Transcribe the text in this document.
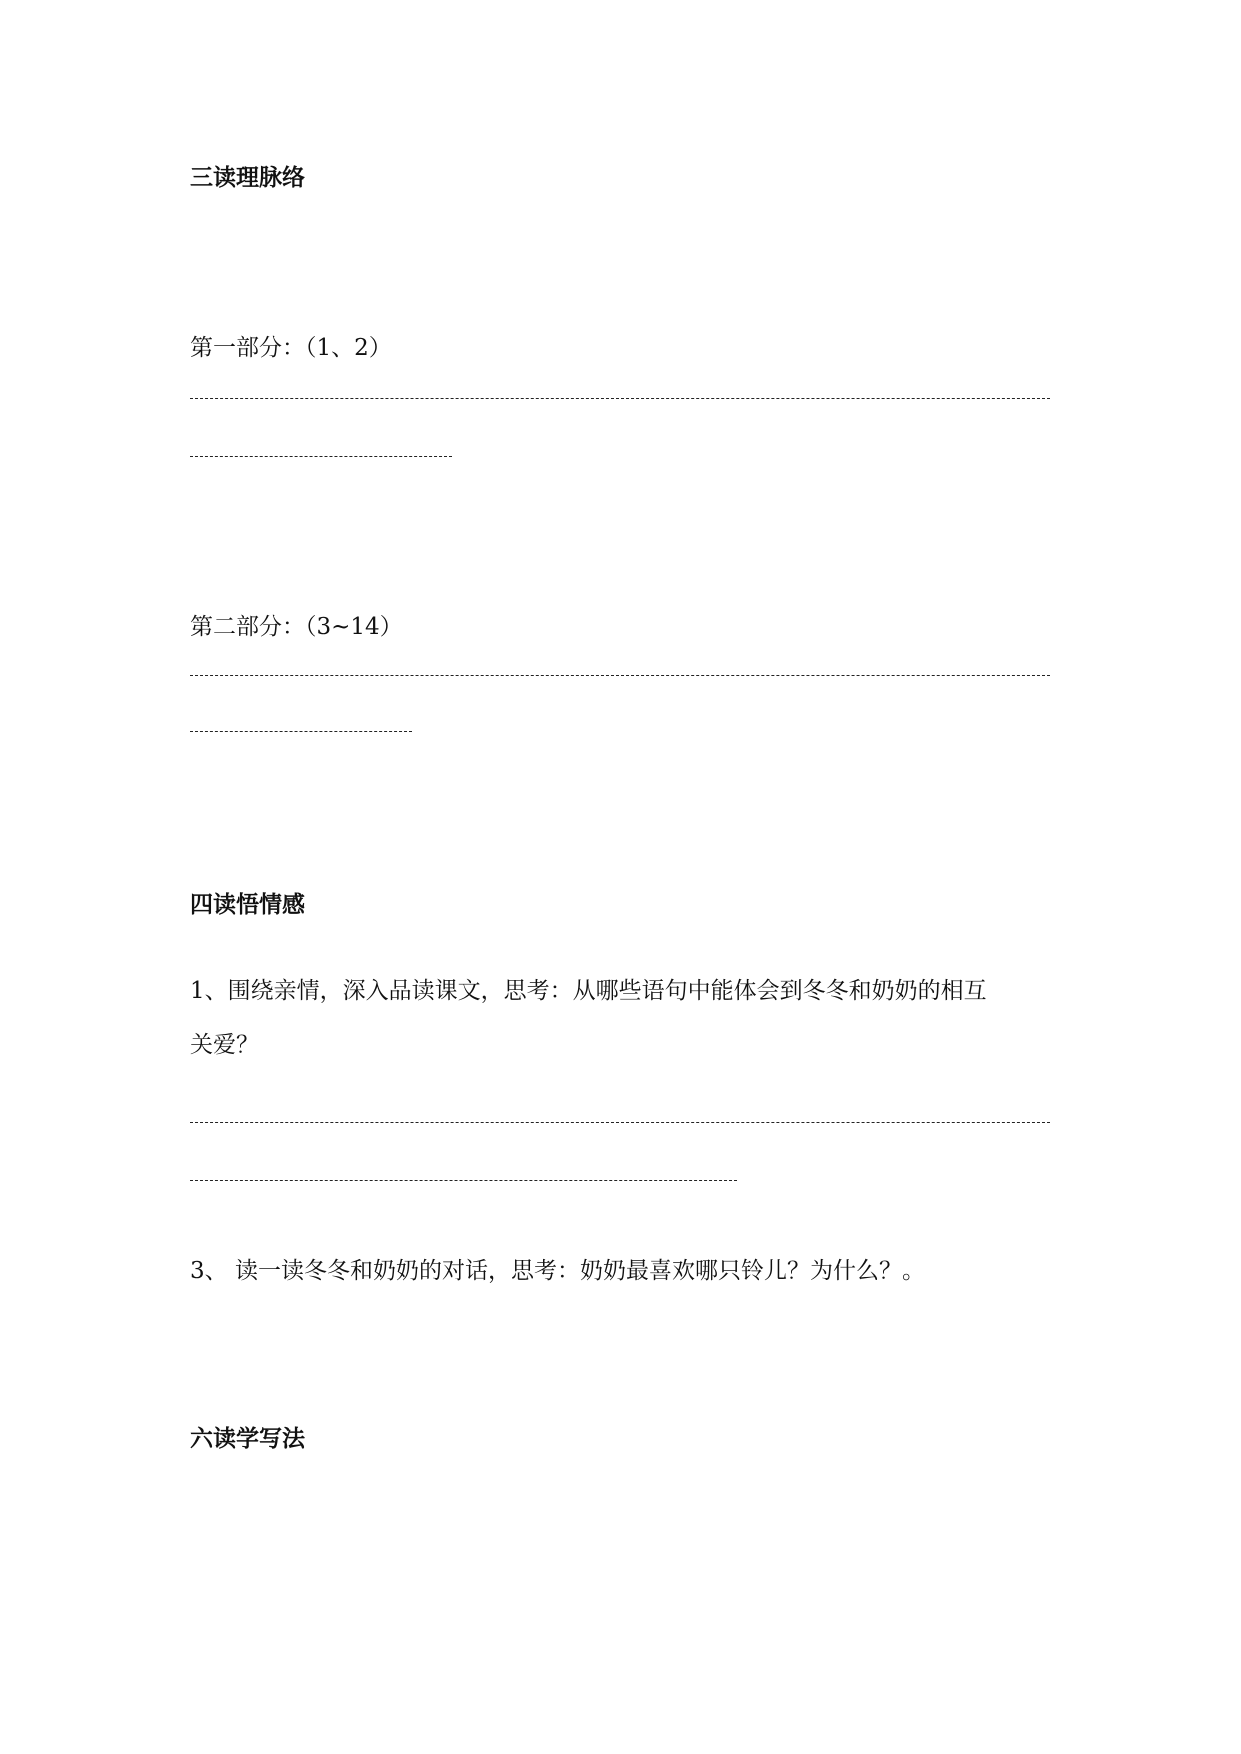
三读理脉络
第一部分：（1、2）
第二部分：（3~14）
四读悟情感
1、围绕亲情，深入品读课文，思考：从哪些语句中能体会到冬冬和奶奶的相互
关爱？
3、 读一读冬冬和奶奶的对话，思考：奶奶最喜欢哪只铃儿？为什么？。
六读学写法
